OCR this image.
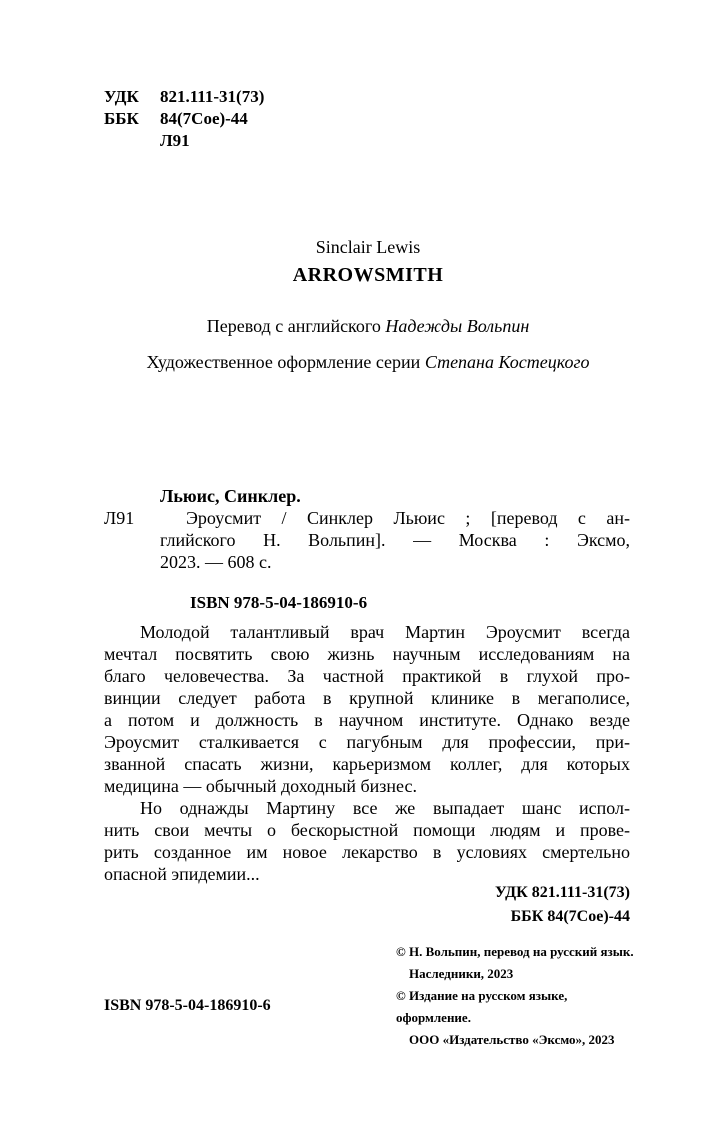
УДК	821.111-31(73)
ББК	84(7Сое)-44
Л91
Sinclair Lewis
ARROWSMITH
Перевод с английского Надежды Вольпин
Художественное оформление серии Степана Костецкого
Льюис, Синклер.
Л91	Эроусмит / Синклер Льюис ; [перевод с ан-
глийского Н. Вольпин]. — Москва : Эксмо,
2023. — 608 с.
ISBN 978-5-04-186910-6
Молодой талантливый врач Мартин Эроусмит всегда
мечтал посвятить свою жизнь научным исследованиям на
благо человечества. За частной практикой в глухой про-
винции следует работа в крупной клинике в мегаполисе,
а потом и должность в научном институте. Однако везде
Эроусмит сталкивается с пагубным для профессии, при-
званной спасать жизни, карьеризмом коллег, для которых
медицина — обычный доходный бизнес.
Но однажды Мартину все же выпадает шанс испол-
нить свои мечты о бескорыстной помощи людям и прове-
рить созданное им новое лекарство в условиях смертельно
опасной эпидемии...
УДК 821.111-31(73)
ББК 84(7Сое)-44
ISBN 978-5-04-186910-6
© Н. Вольпин, перевод на русский язык.
Наследники, 2023
© Издание на русском языке, оформление.
ООО «Издательство «Эксмо», 2023
